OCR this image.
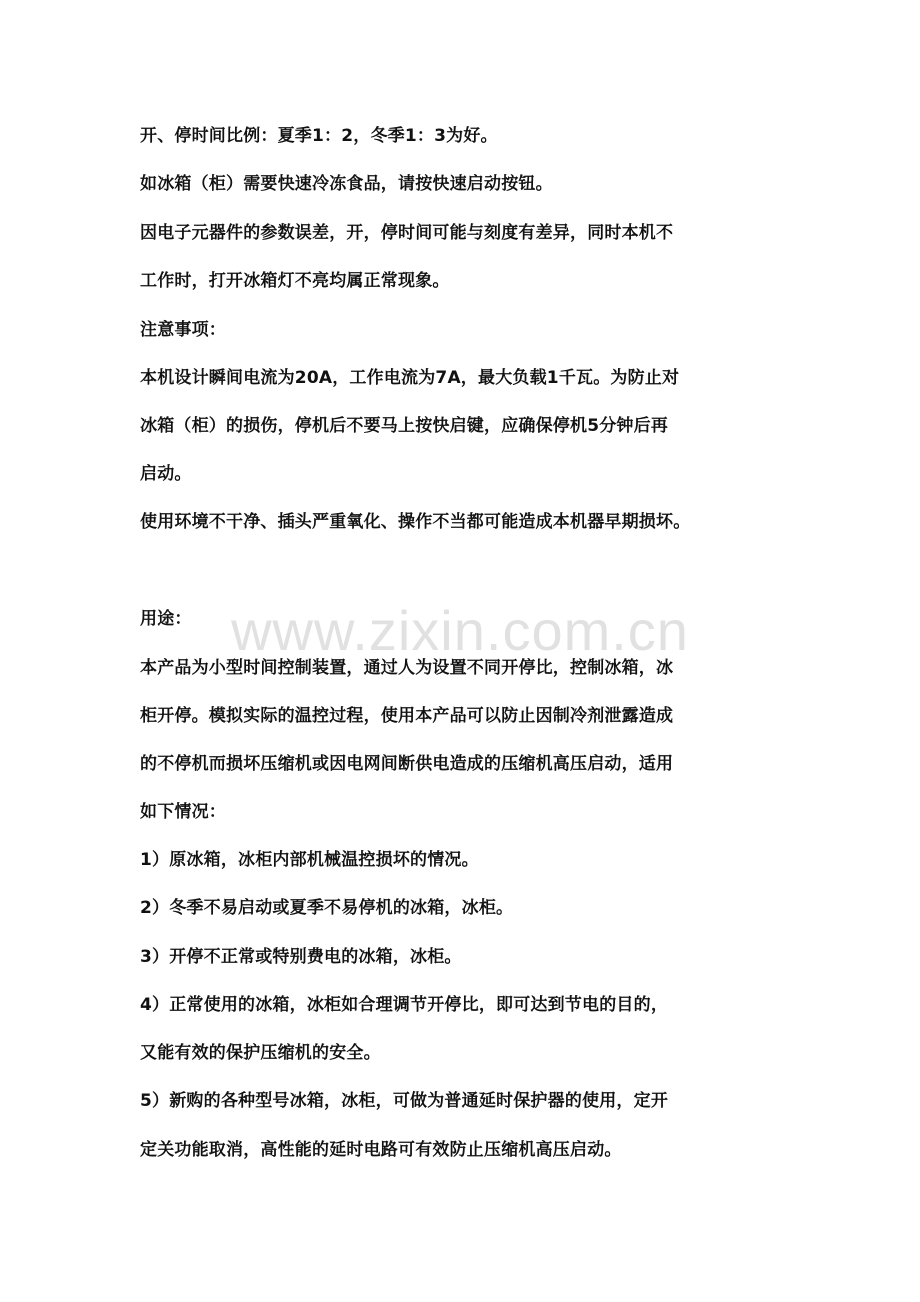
www.zixin.com.cn
开、停时间比例：夏季1：2，冬季1：3为好。
如冰箱（柜）需要快速冷冻食品，请按快速启动按钮。
因电子元器件的参数误差，开，停时间可能与刻度有差异，同时本机不
工作时，打开冰箱灯不亮均属正常现象。
注意事项：
本机设计瞬间电流为20A，工作电流为7A，最大负载1千瓦。为防止对
冰箱（柜）的损伤，停机后不要马上按快启键，应确保停机5分钟后再
启动。
使用环境不干净、插头严重氧化、操作不当都可能造成本机器早期损坏。
用途：
本产品为小型时间控制装置，通过人为设置不同开停比，控制冰箱，冰
柜开停。模拟实际的温控过程，使用本产品可以防止因制冷剂泄露造成
的不停机而损坏压缩机或因电网间断供电造成的压缩机高压启动，适用
如下情况：
1）原冰箱，冰柜内部机械温控损坏的情况。
2）冬季不易启动或夏季不易停机的冰箱，冰柜。
3）开停不正常或特别费电的冰箱，冰柜。
4）正常使用的冰箱，冰柜如合理调节开停比，即可达到节电的目的，
又能有效的保护压缩机的安全。
5）新购的各种型号冰箱，冰柜，可做为普通延时保护器的使用，定开
定关功能取消，高性能的延时电路可有效防止压缩机高压启动。
